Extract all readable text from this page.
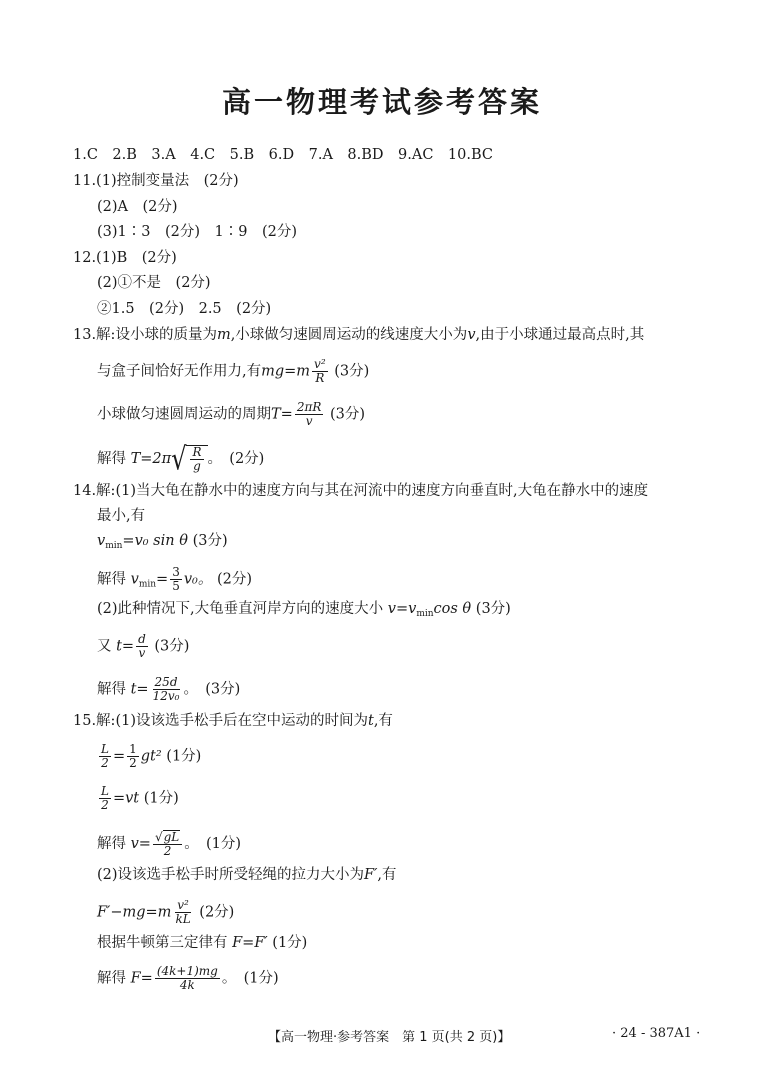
高一物理考试参考答案
1.C　2.B　3.A　4.C　5.B　6.D　7.A　8.BD　9.AC　10.BC
11.(1)控制变量法　(2分)
(2)A　(2分)
(3)1∶3　(2分)　1∶9　(2分)
12.(1)B　(2分)
(2)①不是　(2分)
②1.5　(2分)　2.5　(2分)
13.解:设小球的质量为m,小球做匀速圆周运动的线速度大小为v,由于小球通过最高点时,其
与盒子间恰好无作用力,有$mg=m \frac{\text{v²}}{R} (3$分)
小球做匀速圆周运动的周期$T= \frac{2\pi R}{v} (3$分)
解得 T=2π √ $\frac{R}{g}$ 。　(2分)
14.解:(1)当大龟在静水中的速度方向与其在河流中的速度方向垂直时,大龟在静水中的速度
最小,有
$v_{min}=v_0$ sin θ (3分)
解得 $v_{min}= \frac{3}{5} v_0$。 (2分)
(2)此种情况下,大龟垂直河岸方向的速度大小 $v=v_{min}\cos$ θ (3分)
又 $t= \frac{d}{v} (3$分)
解得 $t= \frac{25d}{\text{12v₀}}$ 。　(3分)
15.解:(1)设该选手松手后在空中运动的时间为t,有
$\frac{L}{2} = \frac{1}{2} gt^2$ (1分)
$\frac{L}{2} =vt$ (1分)
解得 $v= \frac{√gL}{2}$ 。　(1分)
(2)设该选手松手时所受轻绳的拉力大小为F′,有
$F'-mg=m \frac{\text{v²}}{kL} (2$分)
根据牛顿第三定律有 F=F′ (1分)
解得 $F= \frac{(4k+1)mg}{4k}$ 。　(1分)
【高一物理·参考答案　第 1 页(共 2 页)】	· 24 - 387A1 ·
